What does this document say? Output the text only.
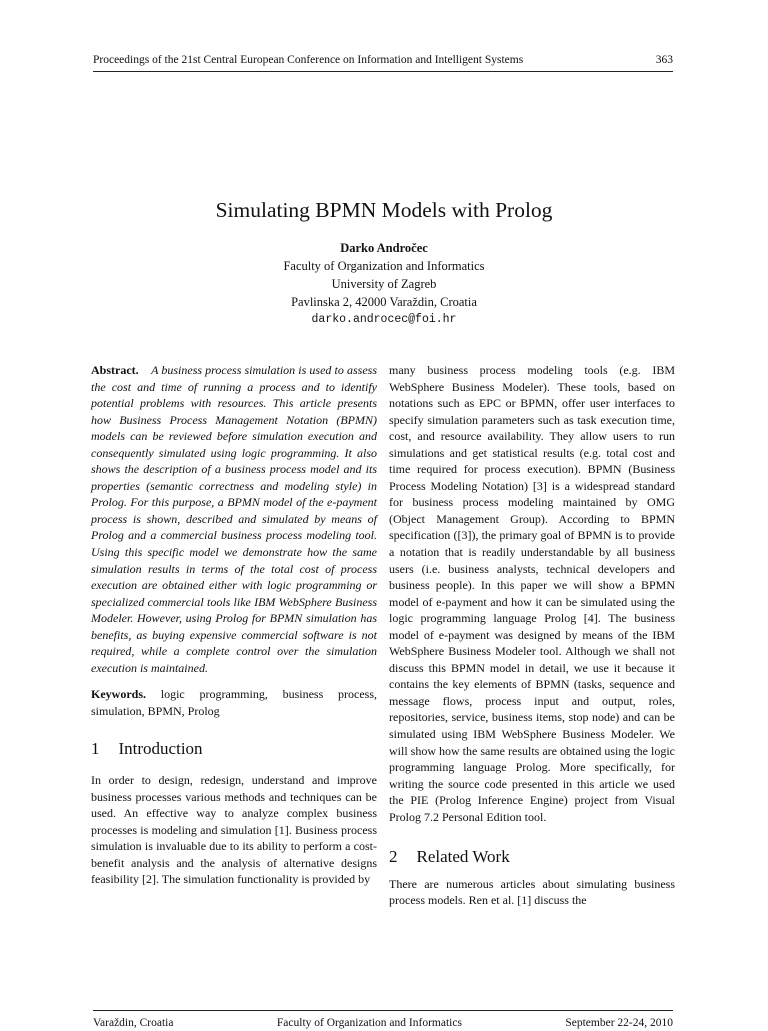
Proceedings of the 21st Central European Conference on Information and Intelligent Systems	363
Simulating BPMN Models with Prolog
Darko Andročec
Faculty of Organization and Informatics
University of Zagreb
Pavlinska 2, 42000 Varaždin, Croatia
darko.androcec@foi.hr

Abstract. A business process simulation is used to assess the cost and time of running a process and to identify potential problems with resources. This article presents how Business Process Management Notation (BPMN) models can be reviewed before simulation execution and consequently simulated using logic programming. It also shows the description of a business process model and its properties (semantic correctness and modeling style) in Prolog. For this purpose, a BPMN model of the e-payment process is shown, described and simulated by means of Prolog and a commercial business process modeling tool. Using this specific model we demonstrate how the same simulation results in terms of the total cost of process execution are obtained either with logic programming or specialized commercial tools like IBM WebSphere Business Modeler. However, using Prolog for BPMN simulation has benefits, as buying expensive commercial software is not required, while a complete control over the simulation execution is maintained.

Keywords. logic programming, business process, simulation, BPMN, Prolog

1 Introduction

In order to design, redesign, understand and improve business processes various methods and techniques can be used. An effective way to analyze complex business processes is modeling and simulation [1]. Business process simulation is invaluable due to its ability to perform a cost-benefit analysis and the analysis of alternative designs feasibility [2]. The simulation functionality is provided by

many business process modeling tools (e.g. IBM WebSphere Business Modeler). These tools, based on notations such as EPC or BPMN, offer user interfaces to specify simulation parameters such as task execution time, cost, and resource availability. They allow users to run simulations and get statistical results (e.g. total cost and time required for process execution). BPMN (Business Process Modeling Notation) [3] is a widespread standard for business process modeling maintained by OMG (Object Management Group). According to BPMN specification ([3]), the primary goal of BPMN is to provide a notation that is readily understandable by all business users (i.e. business analysts, technical developers and business people). In this paper we will show a BPMN model of e-payment and how it can be simulated using the logic programming language Prolog [4]. The business model of e-payment was designed by means of the IBM WebSphere Business Modeler tool. Although we shall not discuss this BPMN model in detail, we use it because it contains the key elements of BPMN (tasks, sequence and message flows, process input and output, roles, repositories, service, business items, stop node) and can be simulated using IBM WebSphere Business Modeler. We will show how the same results are obtained using the logic programming language Prolog. More specifically, for writing the source code presented in this article we used the PIE (Prolog Inference Engine) project from Visual Prolog 7.2 Personal Edition tool.

2 Related Work

There are numerous articles about simulating business process models. Ren et al. [1] discuss the

Varaždin, Croatia	Faculty of Organization and Informatics	September 22-24, 2010
